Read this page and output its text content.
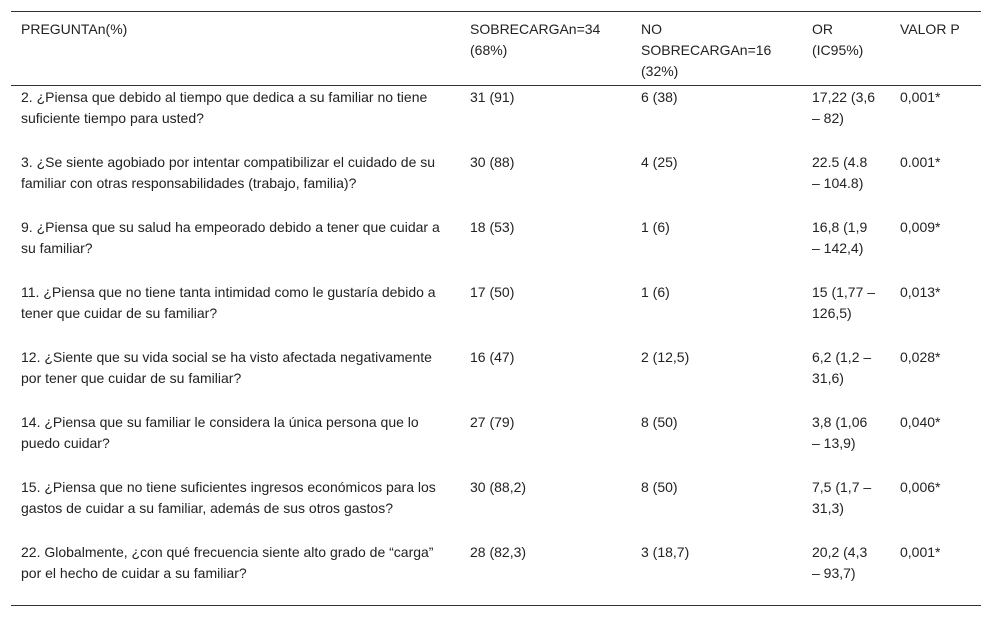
PREGUNTAn(%)	SOBRECARGAn=34 (68%)	NO SOBRECARGAn=16 (32%)	OR (IC95%)	VALOR P
2. ¿Piensa que debido al tiempo que dedica a su familiar no tiene suficiente tiempo para usted?	31 (91)	6 (38)	17,22 (3,6 – 82)	0,001*
3. ¿Se siente agobiado por intentar compatibilizar el cuidado de su familiar con otras responsabilidades (trabajo, familia)?	30 (88)	4 (25)	22.5 (4.8 – 104.8)	0.001*
9. ¿Piensa que su salud ha empeorado debido a tener que cuidar a su familiar?	18 (53)	1 (6)	16,8 (1,9 – 142,4)	0,009*
11. ¿Piensa que no tiene tanta intimidad como le gustaría debido a tener que cuidar de su familiar?	17 (50)	1 (6)	15 (1,77 – 126,5)	0,013*
12. ¿Siente que su vida social se ha visto afectada negativamente por tener que cuidar de su familiar?	16 (47)	2 (12,5)	6,2 (1,2 – 31,6)	0,028*
14. ¿Piensa que su familiar le considera la única persona que lo puedo cuidar?	27 (79)	8 (50)	3,8 (1,06 – 13,9)	0,040*
15. ¿Piensa que no tiene suficientes ingresos económicos para los gastos de cuidar a su familiar, además de sus otros gastos?	30 (88,2)	8 (50)	7,5 (1,7 – 31,3)	0,006*
22. Globalmente, ¿con qué frecuencia siente alto grado de “carga” por el hecho de cuidar a su familiar?	28 (82,3)	3 (18,7)	20,2 (4,3 – 93,7)	0,001*
